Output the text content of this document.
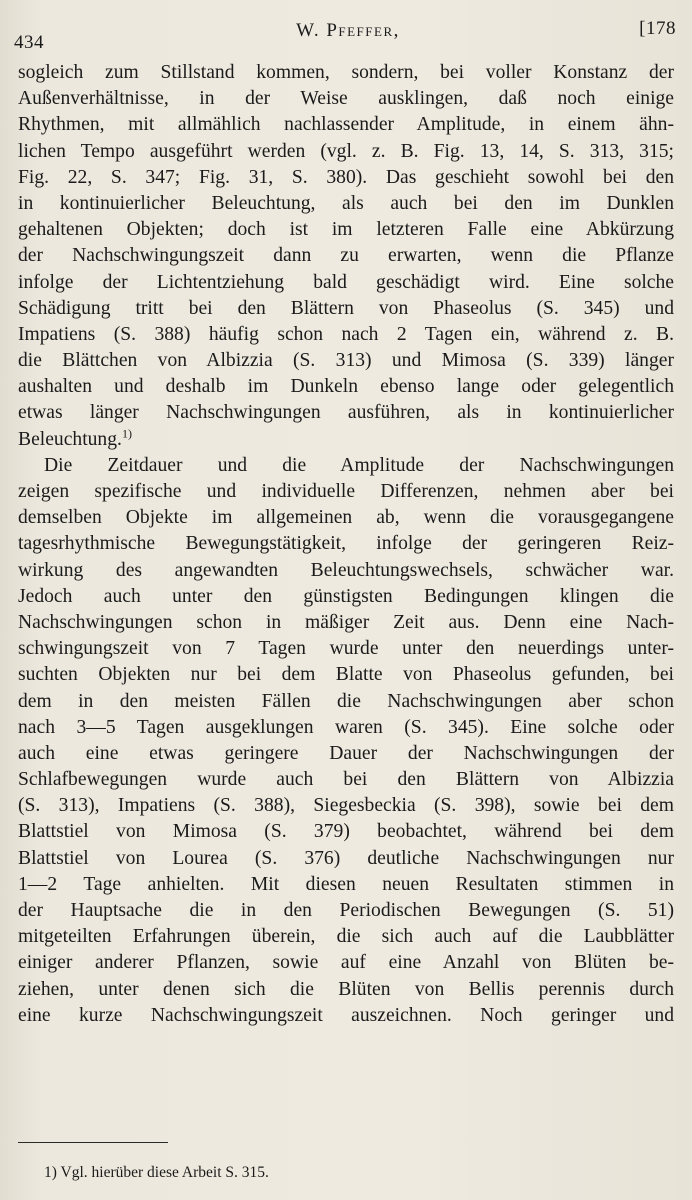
434
W. Pfeffer,	[178

sogleich zum Stillstand kommen, sondern, bei voller Konstanz der
Außenverhältnisse, in der Weise ausklingen, daß noch einige
Rhythmen, mit allmählich nachlassender Amplitude, in einem ähn-
lichen Tempo ausgeführt werden (vgl. z. B. Fig. 13, 14, S. 313, 315;
Fig. 22, S. 347; Fig. 31, S. 380). Das geschieht sowohl bei den
in kontinuierlicher Beleuchtung, als auch bei den im Dunklen
gehaltenen Objekten; doch ist im letzteren Falle eine Abkürzung
der Nachschwingungszeit dann zu erwarten, wenn die Pflanze
infolge der Lichtentziehung bald geschädigt wird. Eine solche
Schädigung tritt bei den Blättern von Phaseolus (S. 345) und
Impatiens (S. 388) häufig schon nach 2 Tagen ein, während z. B.
die Blättchen von Albizzia (S. 313) und Mimosa (S. 339) länger
aushalten und deshalb im Dunkeln ebenso lange oder gelegentlich
etwas länger Nachschwingungen ausführen, als in kontinuierlicher
Beleuchtung.$^{1)}$

Die Zeitdauer und die Amplitude der Nachschwingungen
zeigen spezifische und individuelle Differenzen, nehmen aber bei
demselben Objekte im allgemeinen ab, wenn die vorausgegangene
tagesrhythmische Bewegungstätigkeit, infolge der geringeren Reiz-
wirkung des angewandten Beleuchtungswechsels, schwächer war.
Jedoch auch unter den günstigsten Bedingungen klingen die
Nachschwingungen schon in mäßiger Zeit aus. Denn eine Nach-
schwingungszeit von 7 Tagen wurde unter den neuerdings unter-
suchten Objekten nur bei dem Blatte von Phaseolus gefunden, bei
dem in den meisten Fällen die Nachschwingungen aber schon
nach 3—5 Tagen ausgeklungen waren (S. 345). Eine solche oder
auch eine etwas geringere Dauer der Nachschwingungen der
Schlafbewegungen wurde auch bei den Blättern von Albizzia
(S. 313), Impatiens (S. 388), Siegesbeckia (S. 398), sowie bei dem
Blattstiel von Mimosa (S. 379) beobachtet, während bei dem
Blattstiel von Lourea (S. 376) deutliche Nachschwingungen nur
1—2 Tage anhielten. Mit diesen neuen Resultaten stimmen in
der Hauptsache die in den Periodischen Bewegungen (S. 51)
mitgeteilten Erfahrungen überein, die sich auch auf die Laubblätter
einiger anderer Pflanzen, sowie auf eine Anzahl von Blüten be-
ziehen, unter denen sich die Blüten von Bellis perennis durch
eine kurze Nachschwingungszeit auszeichnen. Noch geringer und

1) Vgl. hierüber diese Arbeit S. 315.
